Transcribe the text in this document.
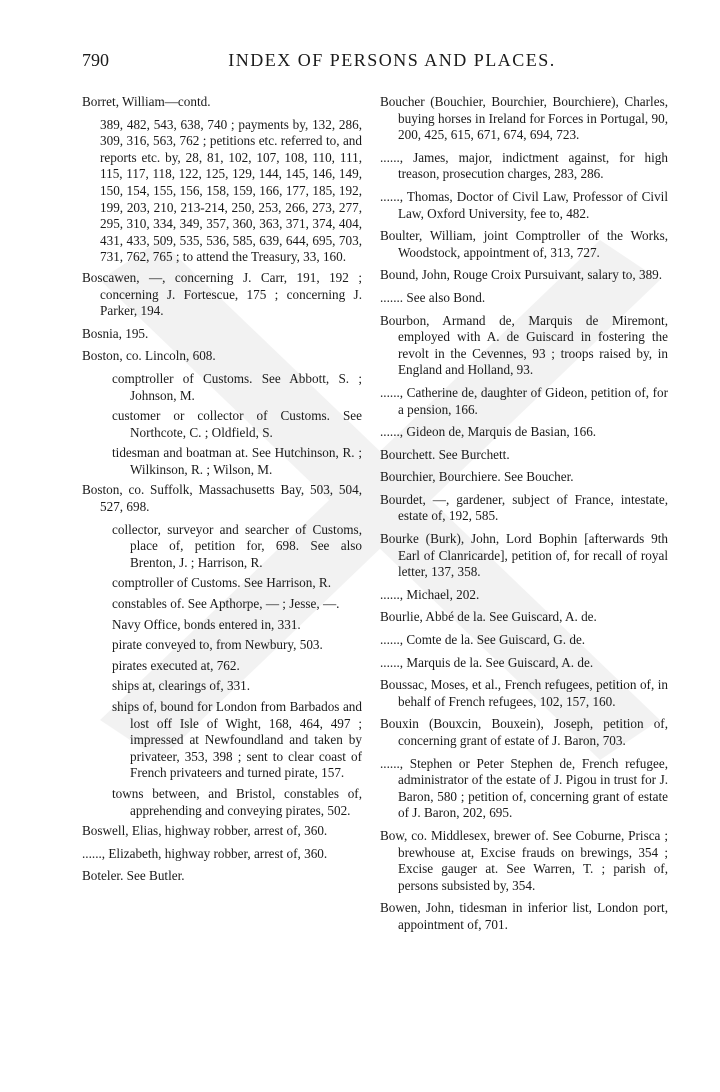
790	INDEX OF PERSONS AND PLACES.

Borret, William—contd.

389, 482, 543, 638, 740 ; payments by, 132, 286, 309, 316, 563, 762 ; petitions etc. referred to, and reports etc. by, 28, 81, 102, 107, 108, 110, 111, 115, 117, 118, 122, 125, 129, 144, 145, 146, 149, 150, 154, 155, 156, 158, 159, 166, 177, 185, 192, 199, 203, 210, 213-214, 250, 253, 266, 273, 277, 295, 310, 334, 349, 357, 360, 363, 371, 374, 404, 431, 433, 509, 535, 536, 585, 639, 644, 695, 703, 731, 762, 765 ; to attend the Treasury, 33, 160.

Boscawen, —, concerning J. Carr, 191, 192 ; concerning J. Fortescue, 175 ; concerning J. Parker, 194.

Bosnia, 195.

Boston, co. Lincoln, 608.

comptroller of Customs. See Abbott, S. ; Johnson, M.

customer or collector of Customs. See Northcote, C. ; Oldfield, S.

tidesman and boatman at. See Hutchinson, R. ; Wilkinson, R. ; Wilson, M.

Boston, co. Suffolk, Massachusetts Bay, 503, 504, 527, 698.

collector, surveyor and searcher of Customs, place of, petition for, 698. See also Brenton, J. ; Harrison, R.

comptroller of Customs. See Harrison, R.

constables of. See Apthorpe, — ; Jesse, —.

Navy Office, bonds entered in, 331.

pirate conveyed to, from Newbury, 503.

pirates executed at, 762.

ships at, clearings of, 331.

ships of, bound for London from Barbados and lost off Isle of Wight, 168, 464, 497 ; impressed at Newfoundland and taken by privateer, 353, 398 ; sent to clear coast of French privateers and turned pirate, 157.

towns between, and Bristol, constables of, apprehending and conveying pirates, 502.

Boswell, Elias, highway robber, arrest of, 360.

......, Elizabeth, highway robber, arrest of, 360.

Boteler. See Butler.

Boucher (Bouchier, Bourchier, Bourchiere), Charles, buying horses in Ireland for Forces in Portugal, 90, 200, 425, 615, 671, 674, 694, 723.

......, James, major, indictment against, for high treason, prosecution charges, 283, 286.

......, Thomas, Doctor of Civil Law, Professor of Civil Law, Oxford University, fee to, 482.

Boulter, William, joint Comptroller of the Works, Woodstock, appointment of, 313, 727.

Bound, John, Rouge Croix Pursuivant, salary to, 389.

....... See also Bond.

Bourbon, Armand de, Marquis de Miremont, employed with A. de Guiscard in fostering the revolt in the Cevennes, 93 ; troops raised by, in England and Holland, 93.

......, Catherine de, daughter of Gideon, petition of, for a pension, 166.

......, Gideon de, Marquis de Basian, 166.

Bourchett. See Burchett.

Bourchier, Bourchiere. See Boucher.

Bourdet, —, gardener, subject of France, intestate, estate of, 192, 585.

Bourke (Burk), John, Lord Bophin [afterwards 9th Earl of Clanricarde], petition of, for recall of royal letter, 137, 358.

......, Michael, 202.

Bourlie, Abbé de la. See Guiscard, A. de.

......, Comte de la. See Guiscard, G. de.

......, Marquis de la. See Guiscard, A. de.

Boussac, Moses, et al., French refugees, petition of, in behalf of French refugees, 102, 157, 160.

Bouxin (Bouxcin, Bouxein), Joseph, petition of, concerning grant of estate of J. Baron, 703.

......, Stephen or Peter Stephen de, French refugee, administrator of the estate of J. Pigou in trust for J. Baron, 580 ; petition of, concerning grant of estate of J. Baron, 202, 695.

Bow, co. Middlesex, brewer of. See Coburne, Prisca ; brewhouse at, Excise frauds on brewings, 354 ; Excise gauger at. See Warren, T. ; parish of, persons subsisted by, 354.

Bowen, John, tidesman in inferior list, London port, appointment of, 701.
